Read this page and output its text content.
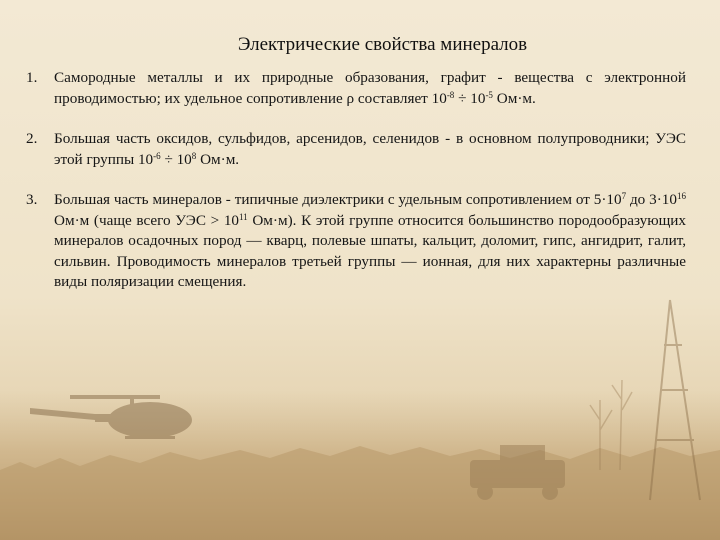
Электрические свойства минералов
1. Самородные металлы и их природные образования, графит - вещества с электронной проводимостью; их удельное сопротивление ρ составляет $10^{-8} \div 10^{-5}$ Ом·м.
2. Большая часть оксидов, сульфидов, арсенидов, селенидов - в основном полупроводники; УЭС этой группы $10^{-6} \div 10^8$ Ом·м.
3. Большая часть минералов - типичные диэлектрики с удельным сопротивлением от $5\cdot 10^7$ до $3\cdot 10^{16}$ Ом·м (чаще всего УЭС > $10^{11}$ Ом·м). К этой группе относится большинство породообразующих минералов осадочных пород — кварц, полевые шпаты, кальцит, доломит, гипс, ангидрит, галит, сильвин. Проводимость минералов третьей группы — ионная, для них характерны различные виды поляризации смещения.
